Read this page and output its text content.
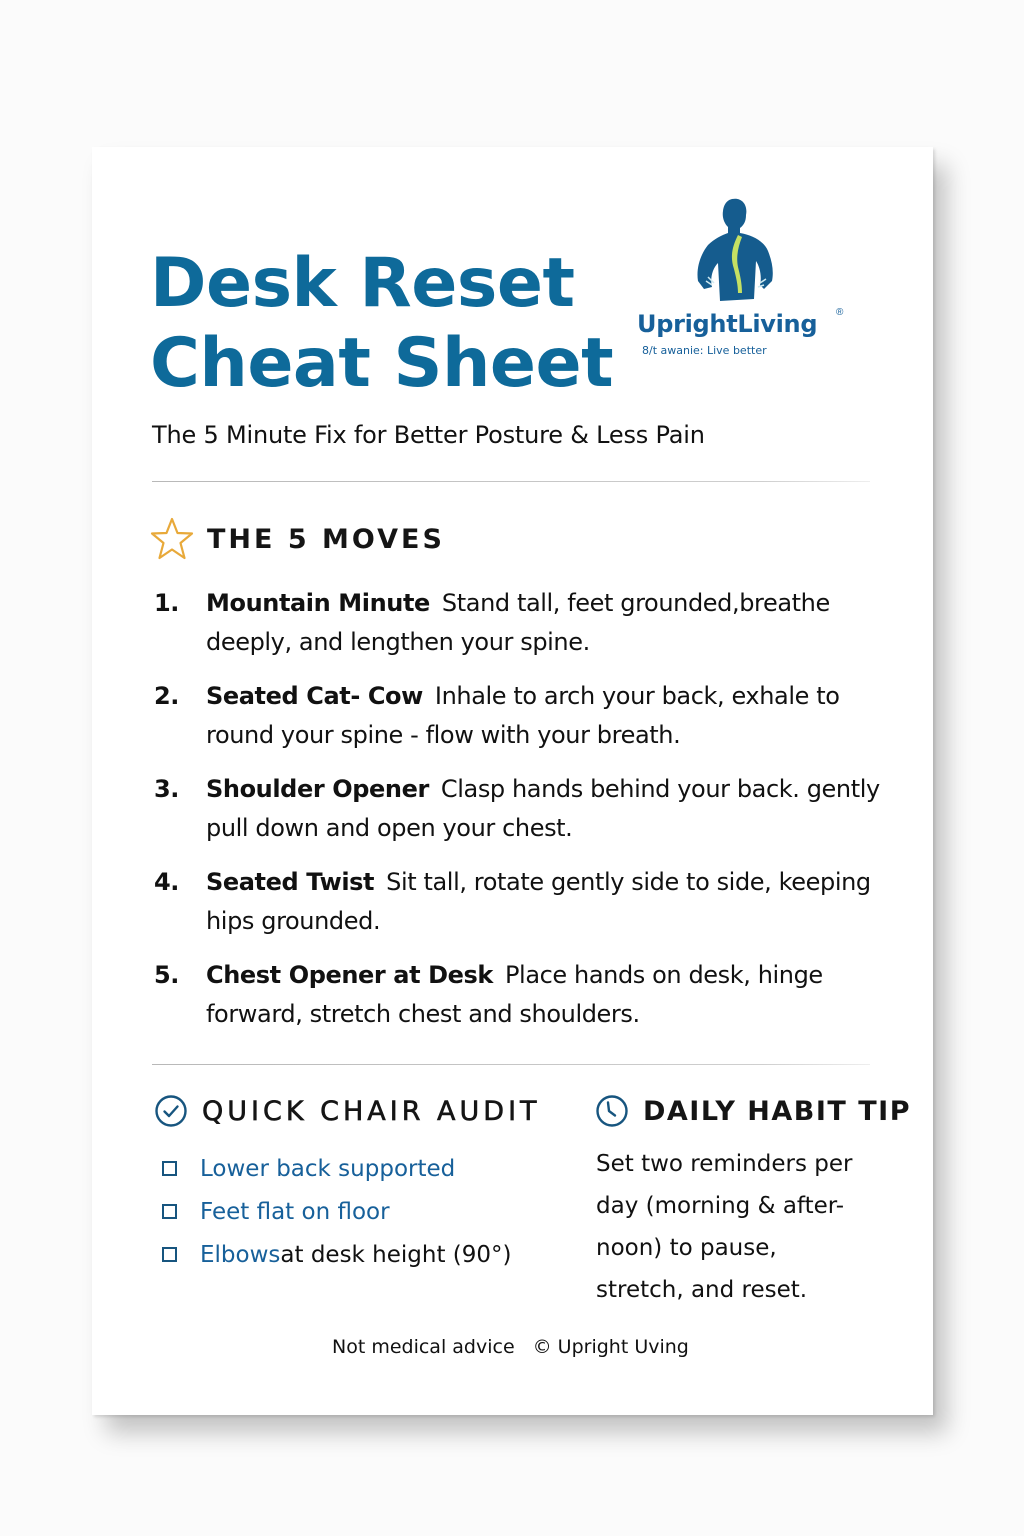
Desk Reset
Cheat Sheet UprightLiving ®
8/t awanie: Live better
The 5 Minute Fix for Better Posture & Less Pain
THE 5 MOVES
1.	Mountain Minute Stand tall, feet grounded,breathe deeply, and lengthen your spine.
2.	Seated Cat- Cow Inhale to arch your back, exhale to round your spine - flow with your breath.
3.	Shoulder Opener Clasp hands behind your back. gently pull down and open your chest.
4.	Seated Twist Sit tall, rotate gently side to side, keeping hips grounded.
5.	Chest Opener at Desk Place hands on desk, hinge forward, stretch chest and shoulders.
QUICK CHAIR AUDIT
Lower back supported
Feet flat on floor
Elbows at desk height (90°)
DAILY HABIT TIP
Set two reminders per
day (morning & after-
noon) to pause,
stretch, and reset.
Not medical advice © Upright Uving
